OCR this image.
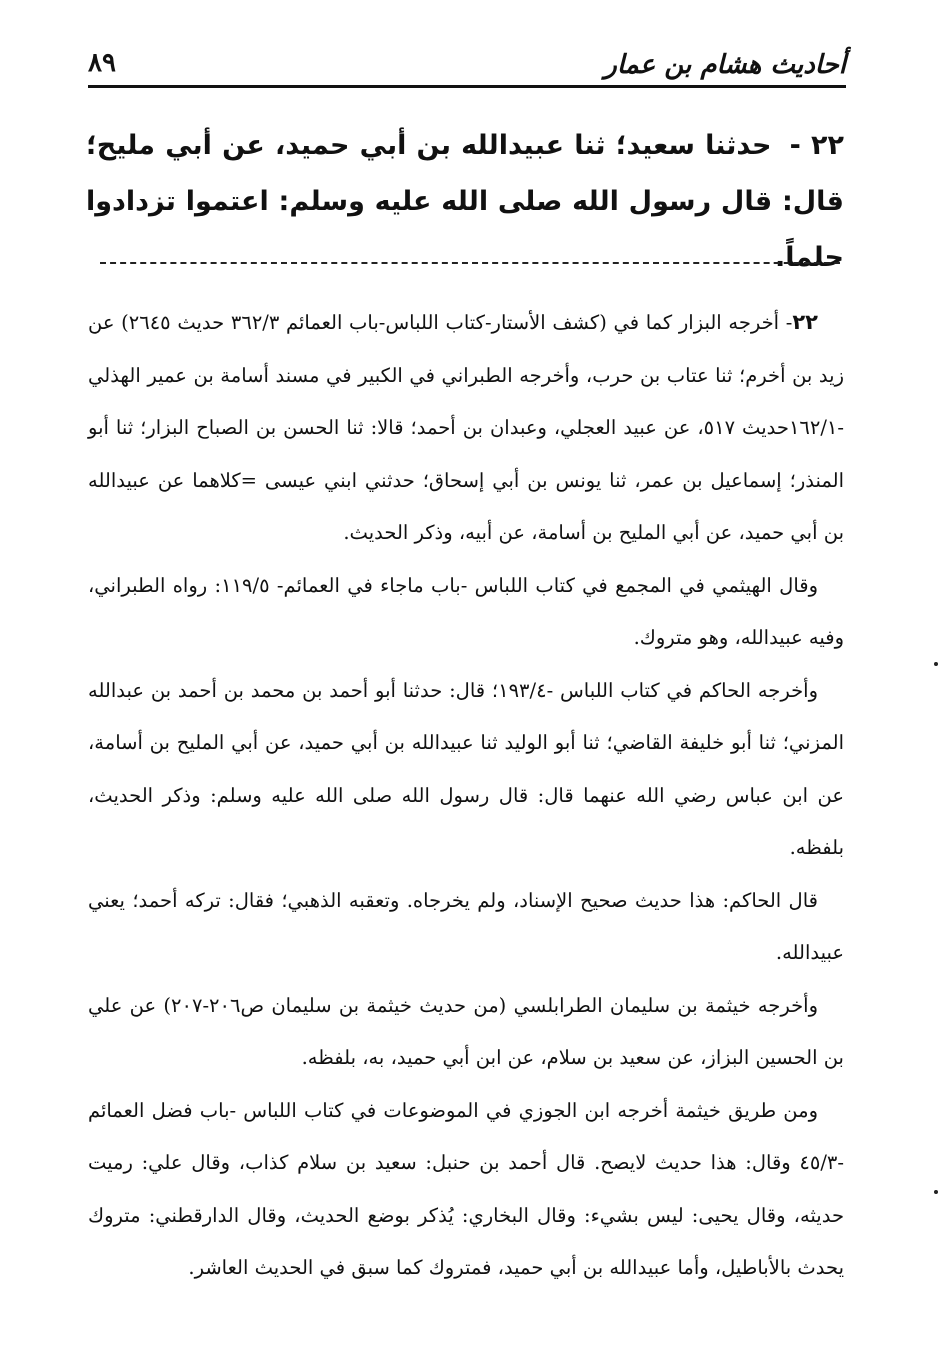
أحاديث هشام بن عمار
٨٩
٢٢ - حدثنا سعيد؛ ثنا عبيدالله بن أبي حميد، عن أبي مليح؛ قال: قال رسول الله صلى الله عليه وسلم: اعتموا تزدادوا حلماً.

٢٢- أخرجه البزار كما في (كشف الأستار-كتاب اللباس-باب العمائم ٣٦٢/٣ حديث ٢٦٤٥) عن زيد بن أخرم؛ ثنا عتاب بن حرب، وأخرجه الطبراني في الكبير في مسند أسامة بن عمير الهذلي -١٦٢/١حديث ٥١٧، عن عبيد العجلي، وعبدان بن أحمد؛ قالا: ثنا الحسن بن الصباح البزار؛ ثنا أبو المنذر؛ إسماعيل بن عمر، ثنا يونس بن أبي إسحاق؛ حدثني ابني عيسى =كلاهما عن عبيدالله بن أبي حميد، عن أبي المليح بن أسامة، عن أبيه، وذكر الحديث.

وقال الهيثمي في المجمع في كتاب اللباس -باب ماجاء في العمائم- ١١٩/٥: رواه الطبراني، وفيه عبيدالله، وهو متروك.

وأخرجه الحاكم في كتاب اللباس -١٩٣/٤؛ قال: حدثنا أبو أحمد بن محمد بن أحمد بن عبدالله المزني؛ ثنا أبو خليفة القاضي؛ ثنا أبو الوليد ثنا عبيدالله بن أبي حميد، عن أبي المليح بن أسامة، عن ابن عباس رضي الله عنهما قال: قال رسول الله صلى الله عليه وسلم: وذكر الحديث، بلفظه.

قال الحاكم: هذا حديث صحيح الإسناد، ولم يخرجاه. وتعقبه الذهبي؛ فقال: تركه أحمد؛ يعني عبيدالله.

وأخرجه خيثمة بن سليمان الطرابلسي (من حديث خيثمة بن سليمان ص٢٠٦-٢٠٧) عن علي بن الحسين البزاز، عن سعيد بن سلام، عن ابن أبي حميد، به، بلفظه.

ومن طريق خيثمة أخرجه ابن الجوزي في الموضوعات في كتاب اللباس -باب فضل العمائم -٤٥/٣ وقال: هذا حديث لايصح. قال أحمد بن حنبل: سعيد بن سلام كذاب، وقال علي: رميت حديثه، وقال يحيى: ليس بشيء: وقال البخاري: يُذكر بوضع الحديث، وقال الدارقطني: متروك يحدث بالأباطيل، وأما عبيدالله بن أبي حميد، فمتروك كما سبق في الحديث العاشر.
